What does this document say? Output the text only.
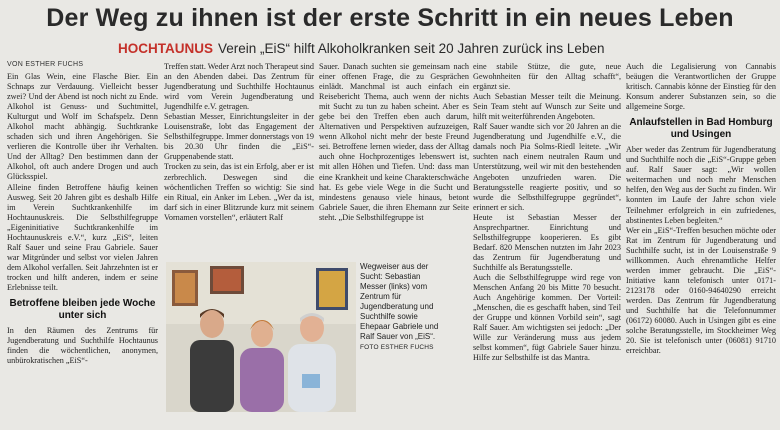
Der Weg zu ihnen ist der erste Schritt in ein neues Leben
HOCHTAUNUS Verein „EiS“ hilft Alkoholkranken seit 20 Jahren zurück ins Leben
VON ESTHER FUCHS

Ein Glas Wein, eine Flasche Bier. Ein Schnaps zur Verdauung. Vielleicht besser zwei? Und der Abend ist noch nicht zu Ende. Alkohol ist Genuss- und Suchtmittel, Kulturgut und Wolf im Schafspelz. Denn Alkohol macht abhängig. Suchtkranke schaden sich und ihren Angehörigen. Sie verlieren die Kontrolle über ihr Verhalten. Und der Alltag? Den bestimmen dann der Alkohol, oft auch andere Drogen und auch Glücksspiel.

Alleine finden Betroffene häufig keinen Ausweg. Seit 20 Jahren gibt es deshalb Hilfe im Verein Suchtkrankenhilfe im Hochtaunuskreis. Die Selbsthilfegruppe „Eigeninitiative Suchtkrankenhilfe im Hochtaunuskreis e.V.“, kurz „EiS“, leiten Ralf Sauer und seine Frau Gabriele. Sauer war Mitgründer und selbst vor vielen Jahren dem Alkohol verfallen. Seit Jahrzehnten ist er trocken und hilft anderen, indem er seine Erlebnisse teilt.

Betroffene bleiben jede Woche unter sich

In den Räumen des Zentrums für Jugendberatung und Suchthilfe Hochtaunus finden die wöchentlichen, anonymen, unbürokratischen „EiS“-

Treffen statt. Weder Arzt noch Therapeut sind an den Abenden dabei. Das Zentrum für Jugendberatung und Suchthilfe Hochtaunus wird vom Verein Jugendberatung und Jugendhilfe e.V. getragen.

Sebastian Messer, Einrichtungsleiter in der Louisenstraße, lobt das Engagement der Selbsthilfegruppe. Immer donnerstags von 19 bis 20.30 Uhr finden die „EiS“-Gruppenabende statt.

Trocken zu sein, das ist ein Erfolg, aber er ist zerbrechlich. Deswegen sind die wöchentlichen Treffen so wichtig: Sie sind ein Ritual, ein Anker im Leben. „Wer da ist, darf sich in einer Blitzrunde kurz mit seinem Vornamen vorstellen“, erläutert Ralf

Sauer. Danach suchten sie gemeinsam nach einer offenen Frage, die zu Gesprächen einlädt. Manchmal ist auch einfach ein Reisebericht Thema, auch wenn der nichts mit Sucht zu tun zu haben scheint. Aber es gebe bei den Treffen eben auch darum, Alternativen und Perspektiven aufzuzeigen, wenn Alkohol nicht mehr der beste Freund sei. Betroffene lernen wieder, dass der Alltag auch ohne Hochprozentiges lebenswert ist, mit allen Höhen und Tiefen. Und: dass man eine Krankheit und keine Charakterschwäche hat. Es gebe viele Wege in die Sucht und mindestens genauso viele hinaus, betont Gabriele Sauer, die ihren Ehemann zur Seite steht. „Die Selbsthilfegruppe ist

Wegweiser aus der Sucht: Sebastian Messer (links) vom Zentrum für Jugendberatung und Suchthilfe sowie Ehepaar Gabriele und Ralf Sauer von „EiS“.
FOTO ESTHER FUCHS

eine stabile Stütze, die gute, neue Gewohnheiten für den Alltag schafft“, ergänzt sie.

Auch Sebastian Messer teilt die Meinung. Sein Team steht auf Wunsch zur Seite und hilft mit weiterführenden Angeboten.

Ralf Sauer wandte sich vor 20 Jahren an die Jugendberatung und Jugendhilfe e.V., die damals noch Pia Solms-Riedl leitete. „Wir suchten nach einem neutralen Raum und Unterstützung, weil wir mit den bestehenden Angeboten unzufrieden waren. Die Beratungsstelle reagierte positiv, und so wurde die Selbsthilfegruppe gegründet“, erinnert er sich.

Heute ist Sebastian Messer der Ansprechpartner. Einrichtung und Selbsthilfegruppe kooperieren. Es gibt Bedarf. 820 Menschen nutzten im Jahr 2023 das Zentrum für Jugendberatung und Suchthilfe als Beratungsstelle.

Auch die Selbsthilfegruppe wird rege von Menschen Anfang 20 bis Mitte 70 besucht. Auch Angehörige kommen. Der Vorteil: „Menschen, die es geschafft haben, sind Teil der Gruppe und können Vorbild sein“, sagt Ralf Sauer. Am wichtigsten sei jedoch: „Der Wille zur Veränderung muss aus jedem selbst kommen“, fügt Gabriele Sauer hinzu. Hilfe zur Selbsthilfe ist das Mantra.

Auch die Legalisierung von Cannabis beäugen die Verantwortlichen der Gruppe kritisch. Cannabis könne der Einstieg für den Konsum anderer Substanzen sein, so die allgemeine Sorge.

Anlaufstellen in Bad Homburg und Usingen

Aber weder das Zentrum für Jugendberatung und Suchthilfe noch die „EiS“-Gruppe geben auf. Ralf Sauer sagt: „Wir wollen weitermachen und noch mehr Menschen helfen, den Weg aus der Sucht zu finden. Wir konnten im Laufe der Jahre schon viele Teilnehmer erfolgreich in ein zufriedenes, abstinentes Leben begleiten.“

Wer ein „EiS“-Treffen besuchen möchte oder Rat im Zentrum für Jugendberatung und Suchthilfe sucht, ist in der Louisenstraße 9 willkommen. Auch ehrenamtliche Helfer werden immer gebraucht. Die „EiS“-Initiative kann telefonisch unter 0171-2123178 oder 0160-94640290 erreicht werden. Das Zentrum für Jugendberatung und Suchthilfe hat die Telefonnummer (06172) 60080. Auch in Usingen gibt es eine solche Beratungsstelle, im Stockheimer Weg 20. Sie ist telefonisch unter (06081) 91710 erreichbar.
